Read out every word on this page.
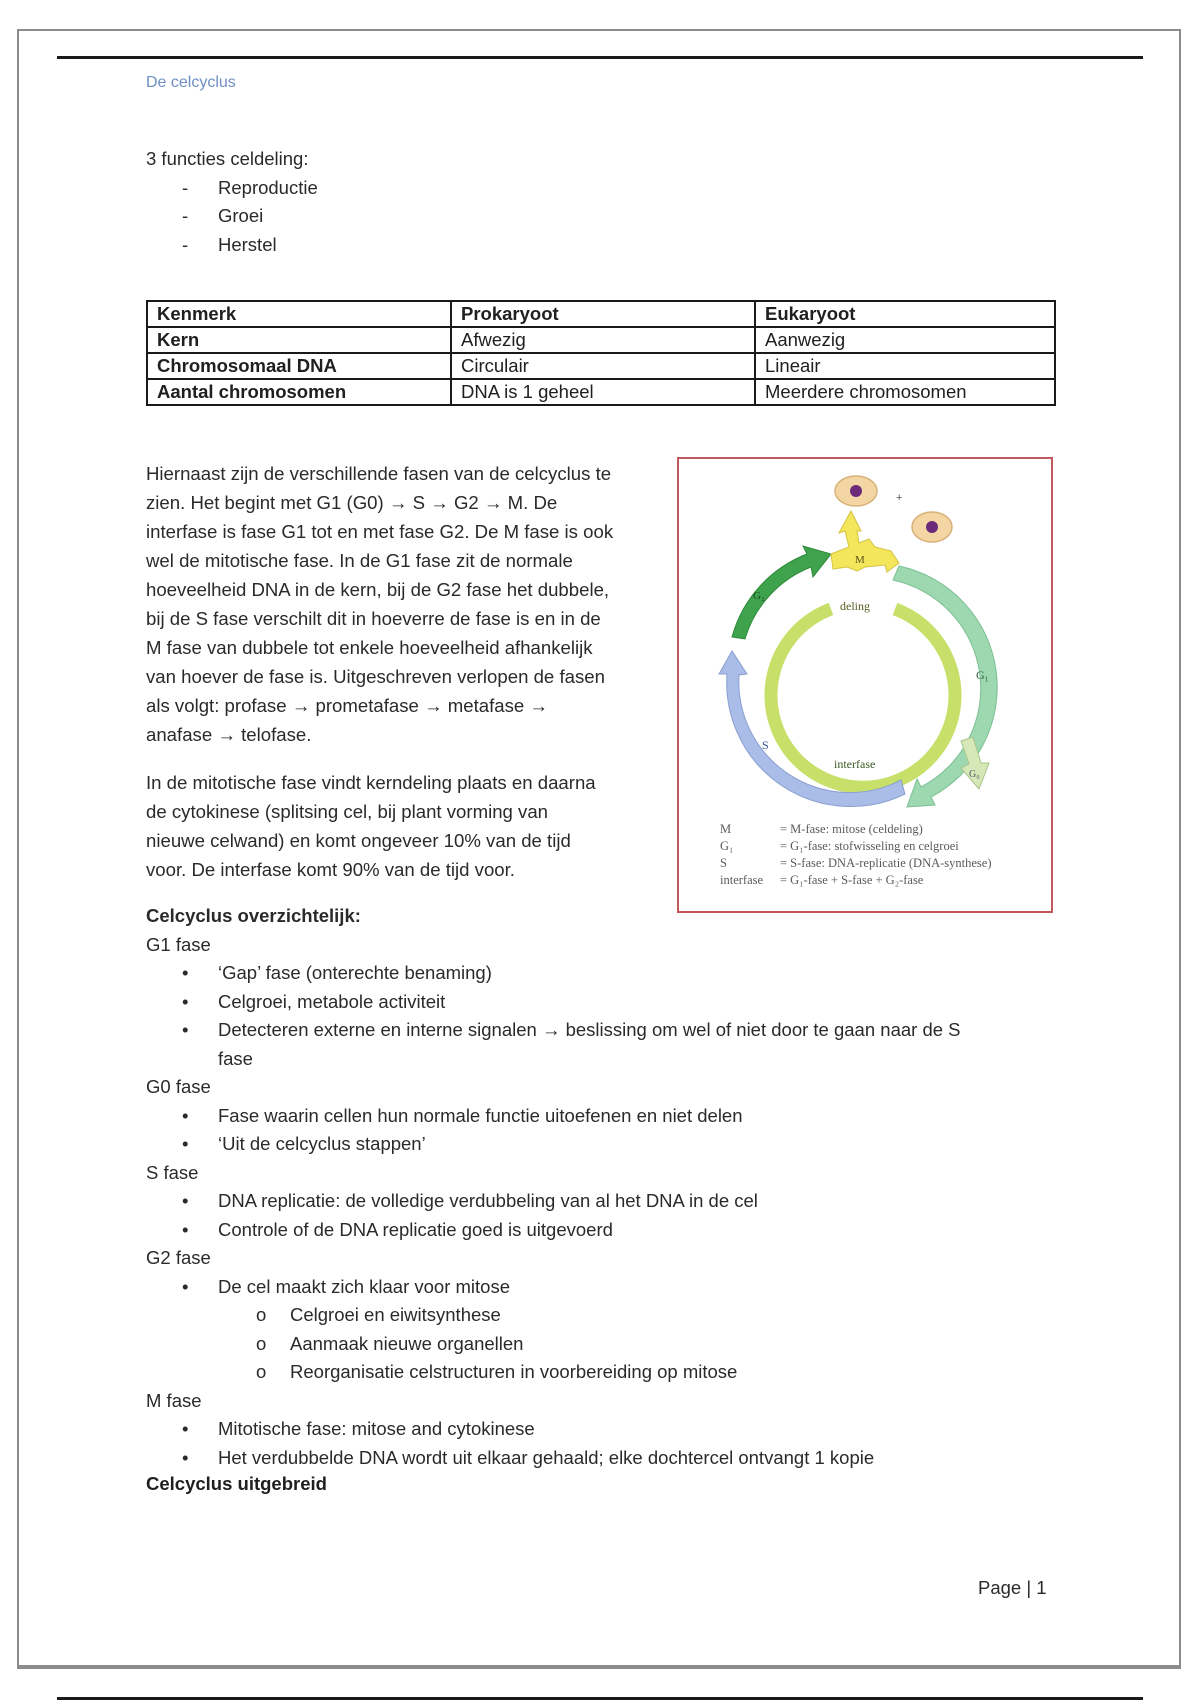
De celcyclus
3 functies celdeling:
- Reproductie
- Groei
- Herstel
Kenmerk	Prokaryoot	Eukaryoot
Kern	Afwezig	Aanwezig
Chromosomaal DNA	Circulair	Lineair
Aantal chromosomen	DNA is 1 geheel	Meerdere chromosomen
Hiernaast zijn de verschillende fasen van de celcyclus te
zien. Het begint met G1 (G0) → S → G2 → M. De
interfase is fase G1 tot en met fase G2. De M fase is ook
wel de mitotische fase. In de G1 fase zit de normale
hoeveelheid DNA in de kern, bij de G2 fase het dubbele,
bij de S fase verschilt dit in hoeverre de fase is en in de
M fase van dubbele tot enkele hoeveelheid afhankelijk
van hoever de fase is. Uitgeschreven verlopen de fasen
als volgt: profase → prometafase → metafase →
anafase → telofase.
In de mitotische fase vindt kerndeling plaats en daarna
de cytokinese (splitsing cel, bij plant vorming van
nieuwe celwand) en komt ongeveer 10% van de tijd
voor. De interfase komt 90% van de tijd voor.
+
deling
interfase
G₁
G₀
S
G₂
M
M	= M-fase: mitose (celdeling)
G₁	= G₁-fase: stofwisseling en celgroei
S	= S-fase: DNA-replicatie (DNA-synthese)
interfase	= G₁-fase + S-fase + G₂-fase
Celcyclus overzichtelijk:
G1 fase
• ‘Gap’ fase (onterechte benaming)
• Celgroei, metabole activiteit
• Detecteren externe en interne signalen → beslissing om wel of niet door te gaan naar de S fase
G0 fase
• Fase waarin cellen hun normale functie uitoefenen en niet delen
• ‘Uit de celcyclus stappen’
S fase
• DNA replicatie: de volledige verdubbeling van al het DNA in de cel
• Controle of de DNA replicatie goed is uitgevoerd
G2 fase
• De cel maakt zich klaar voor mitose
o Celgroei en eiwitsynthese
o Aanmaak nieuwe organellen
o Reorganisatie celstructuren in voorbereiding op mitose
M fase
• Mitotische fase: mitose and cytokinese
• Het verdubbelde DNA wordt uit elkaar gehaald; elke dochtercel ontvangt 1 kopie
Celcyclus uitgebreid
Page | 1
